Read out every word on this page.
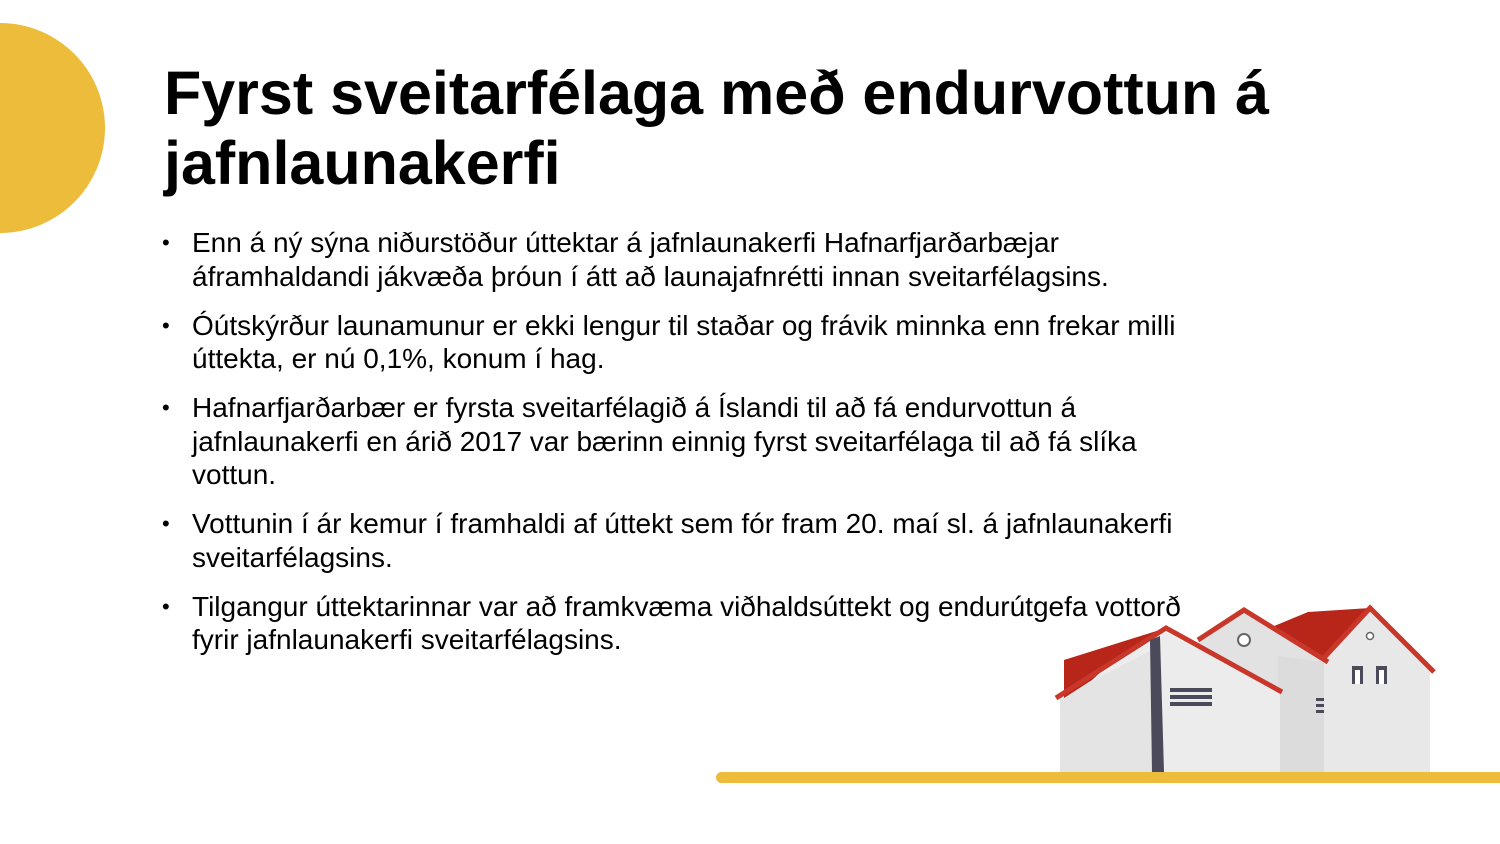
Fyrst sveitarfélaga með endurvottun á jafnlaunakerfi
• Enn á ný sýna niðurstöður úttektar á jafnlaunakerfi Hafnarfjarðarbæjar áframhaldandi jákvæða þróun í átt að launajafnrétti innan sveitarfélagsins.
• Óútskýrður launamunur er ekki lengur til staðar og frávik minnka enn frekar milli úttekta, er nú 0,1%, konum í hag.
• Hafnarfjarðarbær er fyrsta sveitarfélagið á Íslandi til að fá endurvottun á jafnlaunakerfi en árið 2017 var bærinn einnig fyrst sveitarfélaga til að fá slíka vottun.
• Vottunin í ár kemur í framhaldi af úttekt sem fór fram 20. maí sl. á jafnlaunakerfi sveitarfélagsins.
• Tilgangur úttektarinnar var að framkvæma viðhaldsúttekt og endurútgefa vottorð fyrir jafnlaunakerfi sveitarfélagsins.
